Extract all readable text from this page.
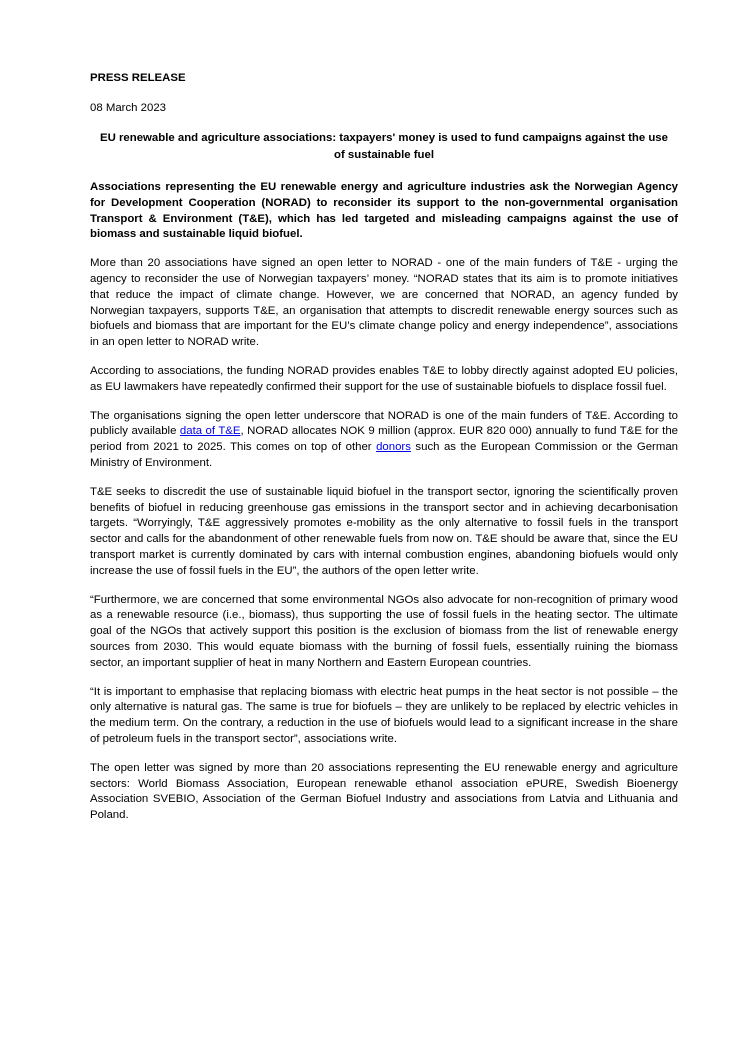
PRESS RELEASE
08 March 2023
EU renewable and agriculture associations: taxpayers' money is used to fund campaigns against the use of sustainable fuel

Associations representing the EU renewable energy and agriculture industries ask the Norwegian Agency for Development Cooperation (NORAD) to reconsider its support to the non-governmental organisation Transport & Environment (T&E), which has led targeted and misleading campaigns against the use of biomass and sustainable liquid biofuel.

More than 20 associations have signed an open letter to NORAD - one of the main funders of T&E - urging the agency to reconsider the use of Norwegian taxpayers’ money. “NORAD states that its aim is to promote initiatives that reduce the impact of climate change. However, we are concerned that NORAD, an agency funded by Norwegian taxpayers, supports T&E, an organisation that attempts to discredit renewable energy sources such as biofuels and biomass that are important for the EU’s climate change policy and energy independence”, associations in an open letter to NORAD write.

According to associations, the funding NORAD provides enables T&E to lobby directly against adopted EU policies, as EU lawmakers have repeatedly confirmed their support for the use of sustainable biofuels to displace fossil fuel.

The organisations signing the open letter underscore that NORAD is one of the main funders of T&E. According to publicly available data of T&E, NORAD allocates NOK 9 million (approx. EUR 820 000) annually to fund T&E for the period from 2021 to 2025. This comes on top of other donors such as the European Commission or the German Ministry of Environment.

T&E seeks to discredit the use of sustainable liquid biofuel in the transport sector, ignoring the scientifically proven benefits of biofuel in reducing greenhouse gas emissions in the transport sector and in achieving decarbonisation targets. “Worryingly, T&E aggressively promotes e-mobility as the only alternative to fossil fuels in the transport sector and calls for the abandonment of other renewable fuels from now on. T&E should be aware that, since the EU transport market is currently dominated by cars with internal combustion engines, abandoning biofuels would only increase the use of fossil fuels in the EU”, the authors of the open letter write.

“Furthermore, we are concerned that some environmental NGOs also advocate for non-recognition of primary wood as a renewable resource (i.e., biomass), thus supporting the use of fossil fuels in the heating sector. The ultimate goal of the NGOs that actively support this position is the exclusion of biomass from the list of renewable energy sources from 2030. This would equate biomass with the burning of fossil fuels, essentially ruining the biomass sector, an important supplier of heat in many Northern and Eastern European countries.

“It is important to emphasise that replacing biomass with electric heat pumps in the heat sector is not possible – the only alternative is natural gas. The same is true for biofuels – they are unlikely to be replaced by electric vehicles in the medium term. On the contrary, a reduction in the use of biofuels would lead to a significant increase in the share of petroleum fuels in the transport sector”, associations write.

The open letter was signed by more than 20 associations representing the EU renewable energy and agriculture sectors: World Biomass Association, European renewable ethanol association ePURE, Swedish Bioenergy Association SVEBIO, Association of the German Biofuel Industry and associations from Latvia and Lithuania and Poland.
